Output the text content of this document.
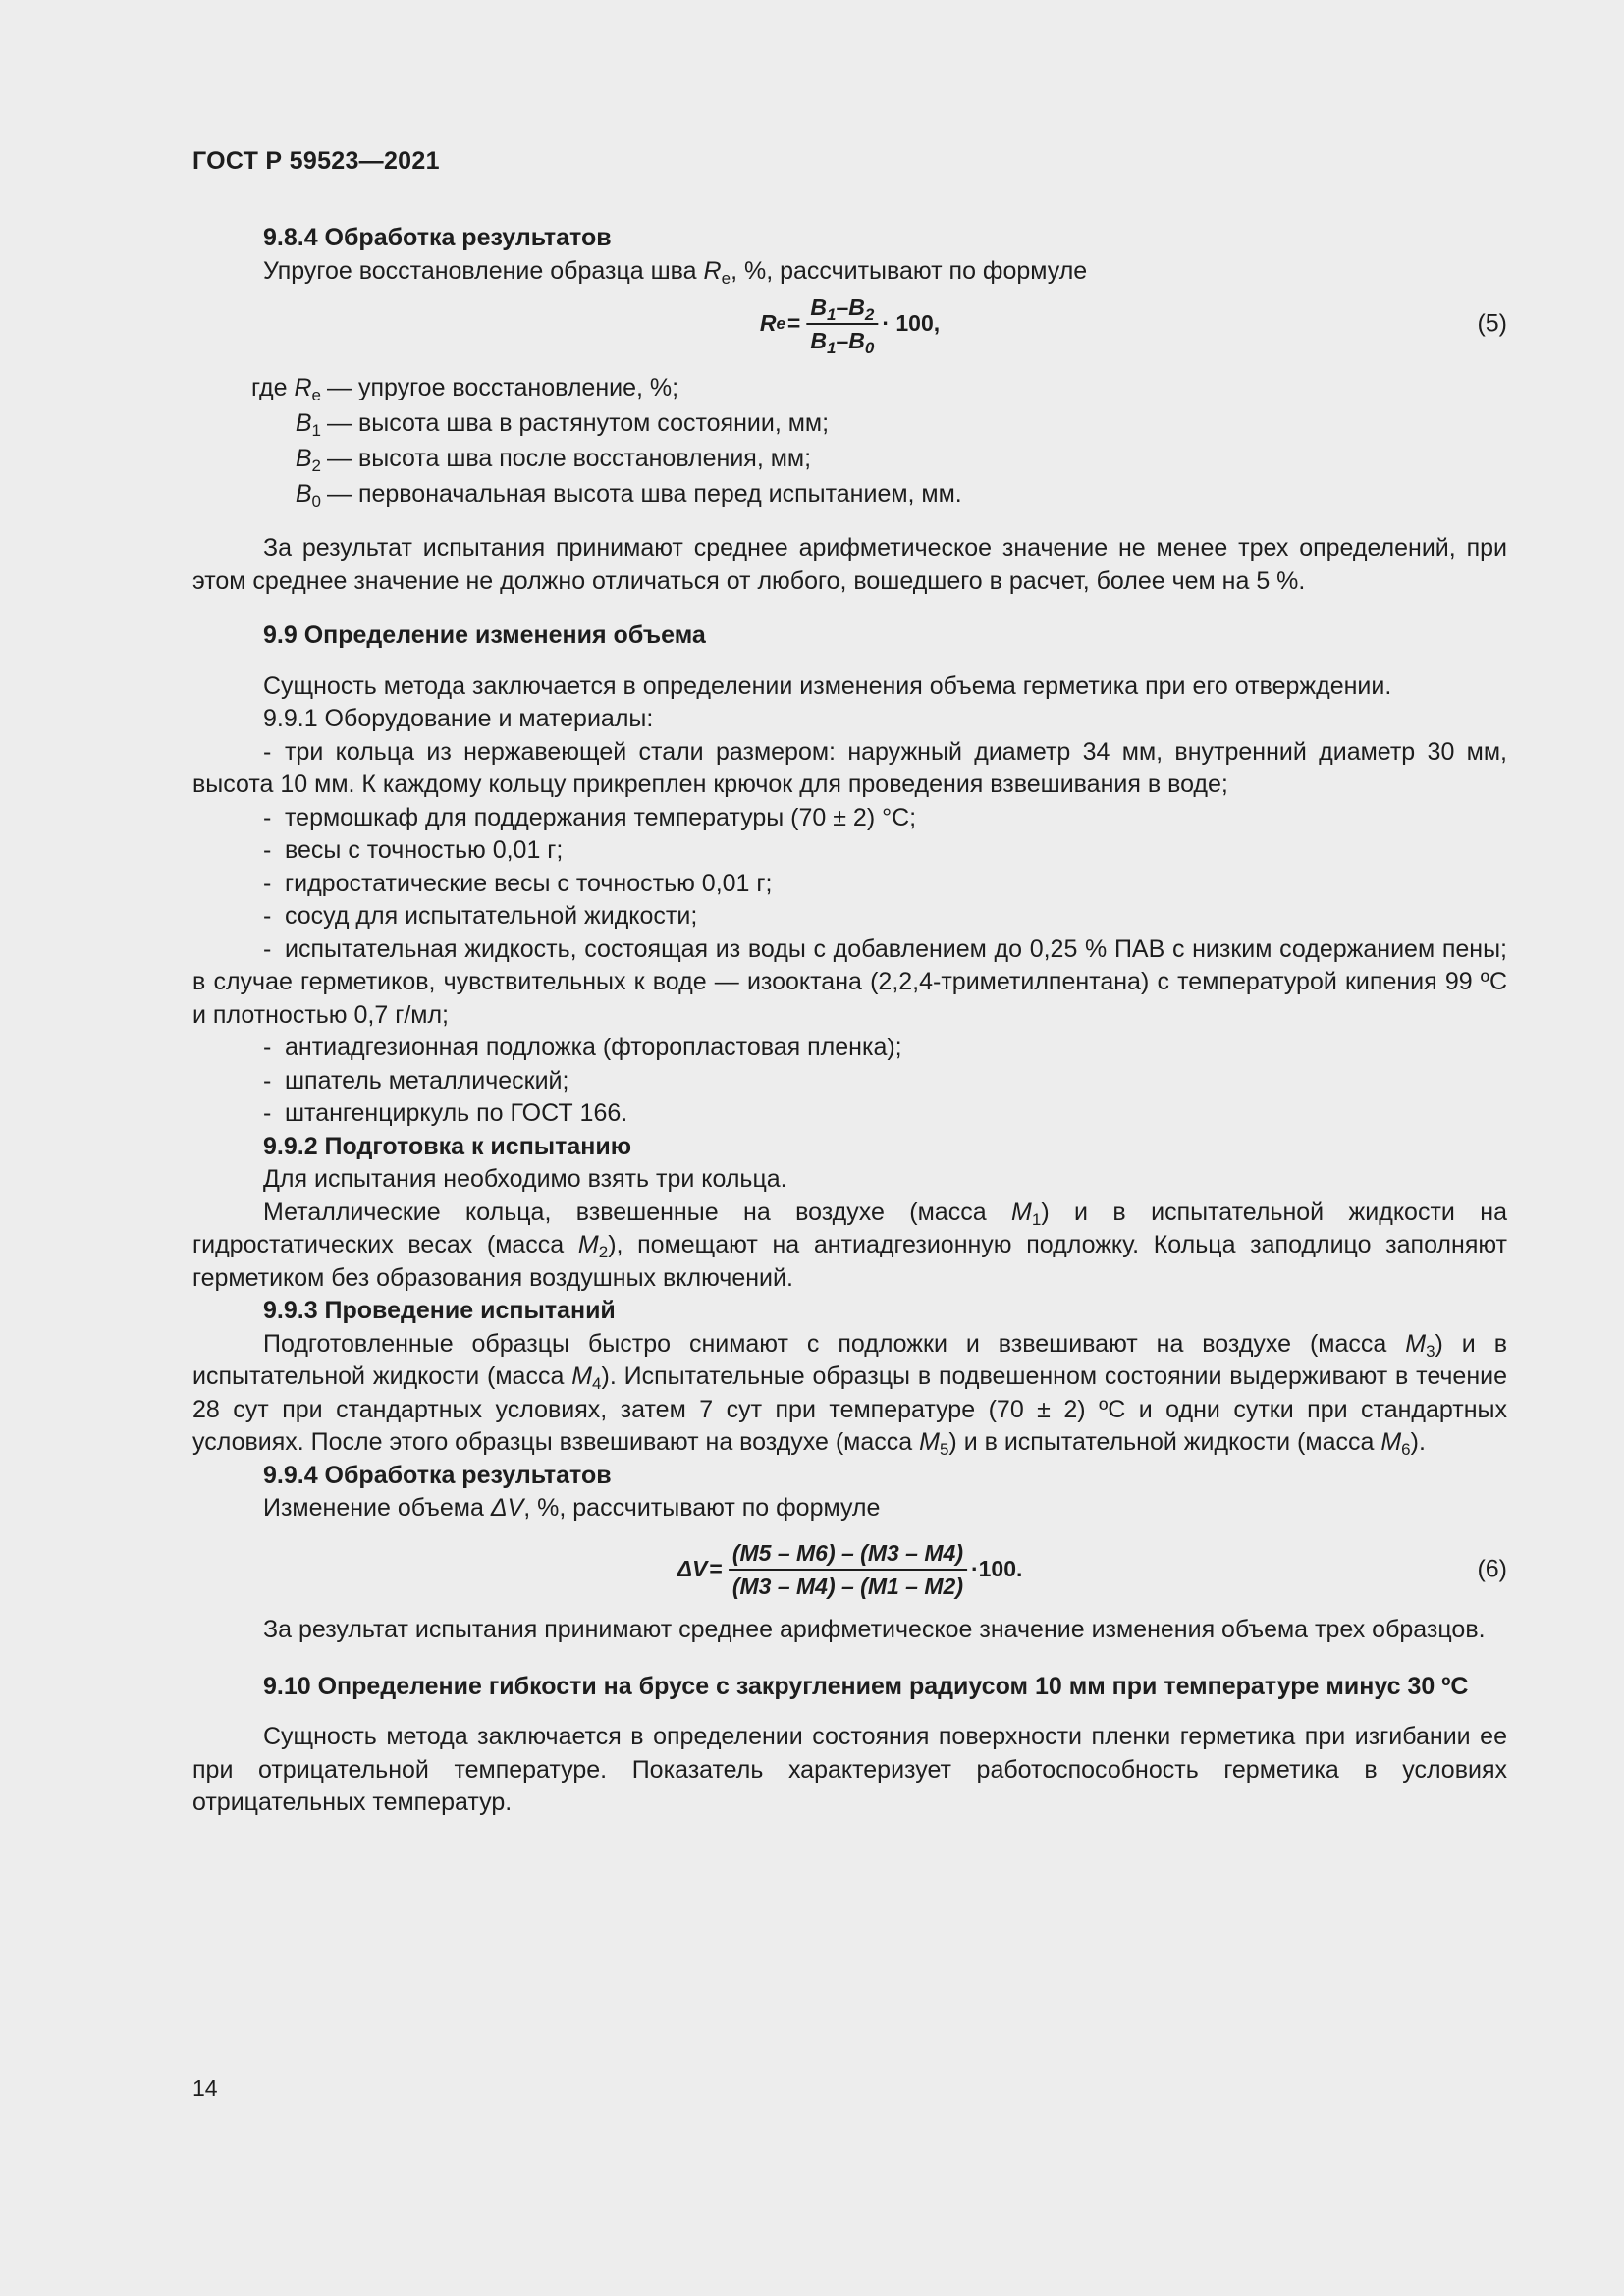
ГОСТ Р 59523—2021

9.8.4 Обработка результатов

Упругое восстановление образца шва $R_e$, %, рассчитывают по формуле

R $e = \frac{B_1-B_2}{B_1-B_0} \cdot 100$,	(5)
где $R_e$ — упругое восстановление, %;
$B_1$ — высота шва в растянутом состоянии, мм;
$B_2$ — высота шва после восстановления, мм;
$B_0$ — первоначальная высота шва перед испытанием, мм.

За результат испытания принимают среднее арифметическое значение не менее трех определений, при этом среднее значение не должно отличаться от любого, вошедшего в расчет, более чем на 5 %.

9.9 Определение изменения объема

Сущность метода заключается в определении изменения объема герметика при его отверждении.

9.9.1 Оборудование и материалы:

- три кольца из нержавеющей стали размером: наружный диаметр 34 мм, внутренний диаметр 30 мм, высота 10 мм. К каждому кольцу прикреплен крючок для проведения взвешивания в воде;

- термошкаф для поддержания температуры (70 ± 2) °С;

- весы с точностью 0,01 г;

- гидростатические весы с точностью 0,01 г;

- сосуд для испытательной жидкости;

- испытательная жидкость, состоящая из воды с добавлением до 0,25 % ПАВ с низким содержанием пены; в случае герметиков, чувствительных к воде — изооктана (2,2,4-триметилпентана) с температурой кипения 99 ºС и плотностью 0,7 г/мл;

- антиадгезионная подложка (фторопластовая пленка);

- шпатель металлический;

- штангенциркуль по ГОСТ 166.

9.9.2 Подготовка к испытанию

Для испытания необходимо взять три кольца.

Металлические кольца, взвешенные на воздухе (масса $M_1$) и в испытательной жидкости на гидростатических весах (масса $M_2$), помещают на антиадгезионную подложку. Кольца заподлицо заполняют герметиком без образования воздушных включений.

9.9.3 Проведение испытаний

Подготовленные образцы быстро снимают с подложки и взвешивают на воздухе (масса $M_3$) и в испытательной жидкости (масса $M_4$). Испытательные образцы в подвешенном состоянии выдерживают в течение 28 сут при стандартных условиях, затем 7 сут при температуре (70 ± 2) ºС и одни сутки при стандартных условиях. После этого образцы взвешивают на воздухе (масса $M_5$) и в испытательной жидкости (масса $M_6$).

9.9.4 Обработка результатов

Изменение объема ΔV, %, рассчитывают по формуле

$\Delta V = \frac{(M5 - M6) - (M3 - M4)}{(M3 - M4) - (M1 - M2)} \cdot 100$.	(6)

За результат испытания принимают среднее арифметическое значение изменения объема трех образцов.

9.10 Определение гибкости на брусе с закруглением радиусом 10 мм при температуре минус 30 ºС

Сущность метода заключается в определении состояния поверхности пленки герметика при изгибании ее при отрицательной температуре. Показатель характеризует работоспособность герметика в условиях отрицательных температур.

14
